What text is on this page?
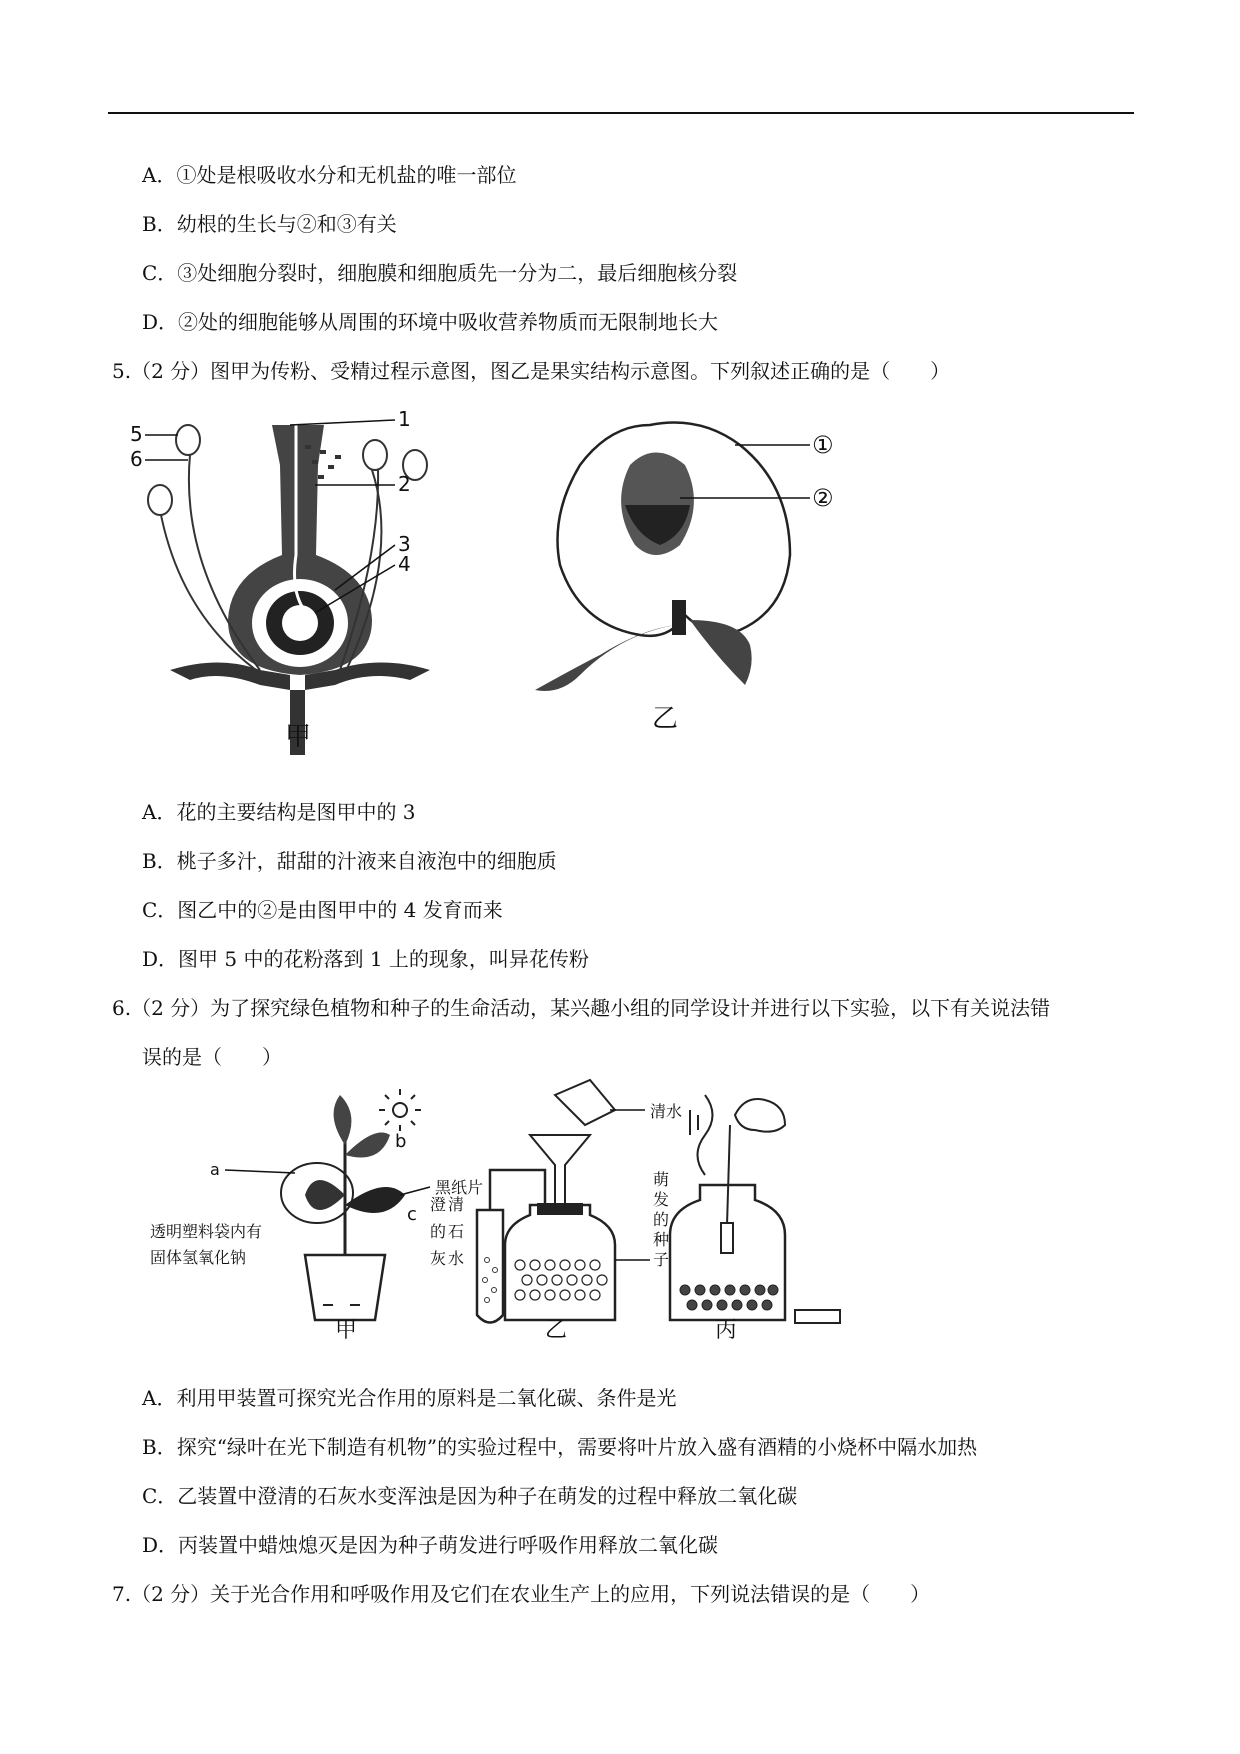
A．①处是根吸收水分和无机盐的唯一部位
B．幼根的生长与②和③有关
C．③处细胞分裂时，细胞膜和细胞质先一分为二，最后细胞核分裂
D．②处的细胞能够从周围的环境中吸收营养物质而无限制地长大
5.（2 分）图甲为传粉、受精过程示意图，图乙是果实结构示意图。下列叙述正确的是（　　）
1
2
3
4
5
6
甲
①
②
乙
A．花的主要结构是图甲中的 3
B．桃子多汁，甜甜的汁液来自液泡中的细胞质
C．图乙中的②是由图甲中的 4 发育而来
D．图甲 5 中的花粉落到 1 上的现象，叫异花传粉
6.（2 分）为了探究绿色植物和种子的生命活动，某兴趣小组的同学设计并进行以下实验，以下有关说法错
误的是（　　）
a
b
c
黑纸片
透明塑料袋内有
固体氢氧化钠
甲
清水
澄 清
的 石
灰 水
萌
发
的
种
子
乙	丙
A．利用甲装置可探究光合作用的原料是二氧化碳、条件是光
B．探究“绿叶在光下制造有机物”的实验过程中，需要将叶片放入盛有酒精的小烧杯中隔水加热
C．乙装置中澄清的石灰水变浑浊是因为种子在萌发的过程中释放二氧化碳
D．丙装置中蜡烛熄灭是因为种子萌发进行呼吸作用释放二氧化碳
7.（2 分）关于光合作用和呼吸作用及它们在农业生产上的应用，下列说法错误的是（　　）
